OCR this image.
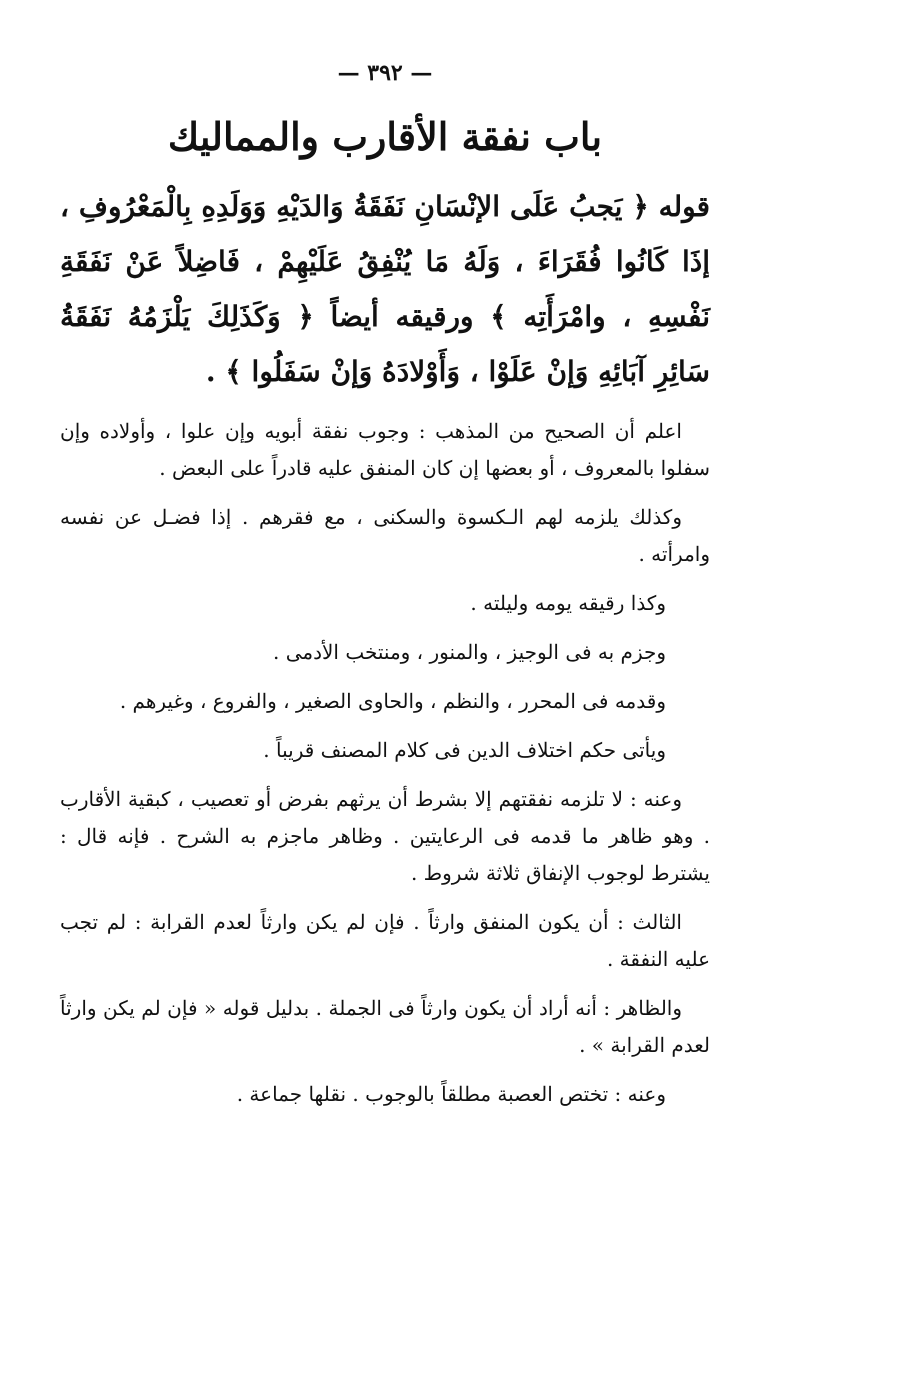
— ٣٩٢ —
باب نفقة الأقارب والمماليك
قوله ﴿ يَجبُ عَلَى الإنْسَانِ نَفَقَةُ وَالدَيْهِ وَوَلَدِهِ بِالْمَعْرُوفِ ، إذَا كَانُوا فُقَرَاءَ ، وَلَهُ مَا يُنْفِقُ عَلَيْهِمْ ، فَاضِلاً عَنْ نَفَقَةِ نَفْسِهِ ، وامْرَأَتِه ﴾ ورقيقه أيضاً ﴿ وَكَذَلِكَ يَلْزَمُهُ نَفَقَةُ سَائِرِ آبَائِهِ وَإنْ عَلَوْا ، وَأَوْلادَهُ وَإنْ سَفَلُوا ﴾ .
اعلم أن الصحيح من المذهب : وجوب نفقة أبويه وإن علوا ، وأولاده وإن سفلوا بالمعروف ، أو بعضها إن كان المنفق عليه قادراً على البعض .
وكذلك يلزمه لهم الـكسوة والسكنى ، مع فقرهم . إذا فضـل عن نفسه وامرأته .
وكذا رقيقه يومه وليلته .
وجزم به فى الوجيز ، والمنور ، ومنتخب الأدمى .
وقدمه فى المحرر ، والنظم ، والحاوى الصغير ، والفروع ، وغيرهم .
ويأتى حكم اختلاف الدين فى كلام المصنف قريباً .
وعنه : لا تلزمه نفقتهم إلا بشرط أن يرثهم بفرض أو تعصيب ، كبقية الأقارب . وهو ظاهر ما قدمه فى الرعايتين . وظاهر ماجزم به الشرح . فإنه قال : يشترط لوجوب الإنفاق ثلاثة شروط .
الثالث : أن يكون المنفق وارثاً . فإن لم يكن وارثاً لعدم القرابة : لم تجب عليه النفقة .
والظاهر : أنه أراد أن يكون وارثاً فى الجملة . بدليل قوله « فإن لم يكن وارثاً لعدم القرابة » .
وعنه : تختص العصبة مطلقاً بالوجوب . نقلها جماعة .
